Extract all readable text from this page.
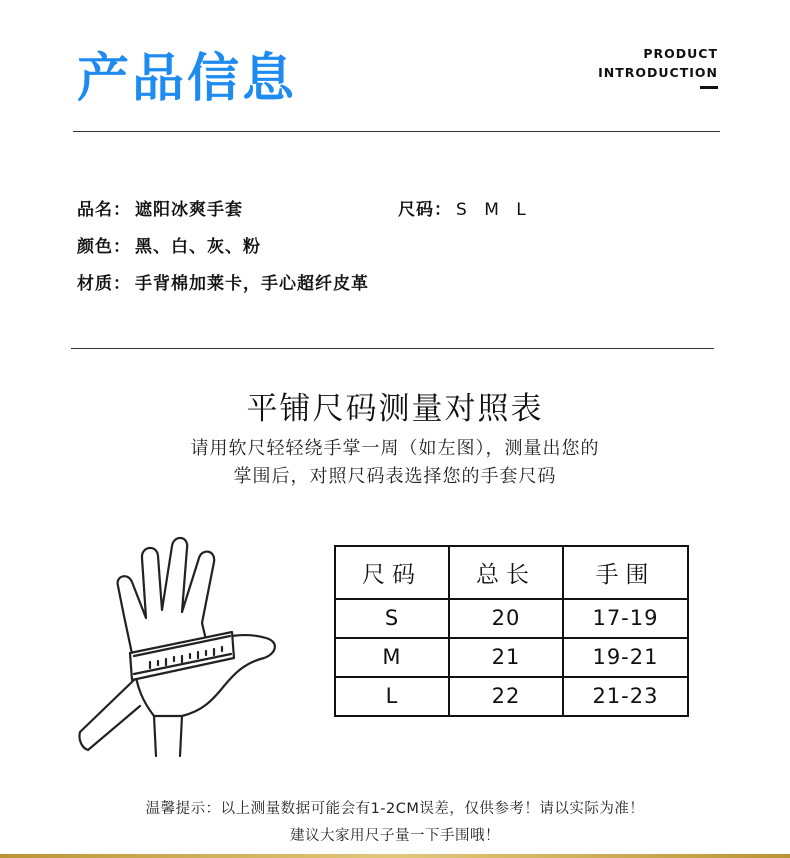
产品信息	PRODUCT
INTRODUCTION
品名： 遮阳冰爽手套	尺码： S M L
颜色： 黑、白、灰、粉
材质： 手背棉加莱卡，手心超纤皮革
平铺尺码测量对照表
请用软尺轻轻绕手掌一周（如左图），测量出您的
掌围后，对照尺码表选择您的手套尺码
尺码	总长	手围
S	20	17-19
M	21	19-21
L	22	21-23
温馨提示：以上测量数据可能会有1-2CM误差，仅供参考！请以实际为准！
建议大家用尺子量一下手围哦！
